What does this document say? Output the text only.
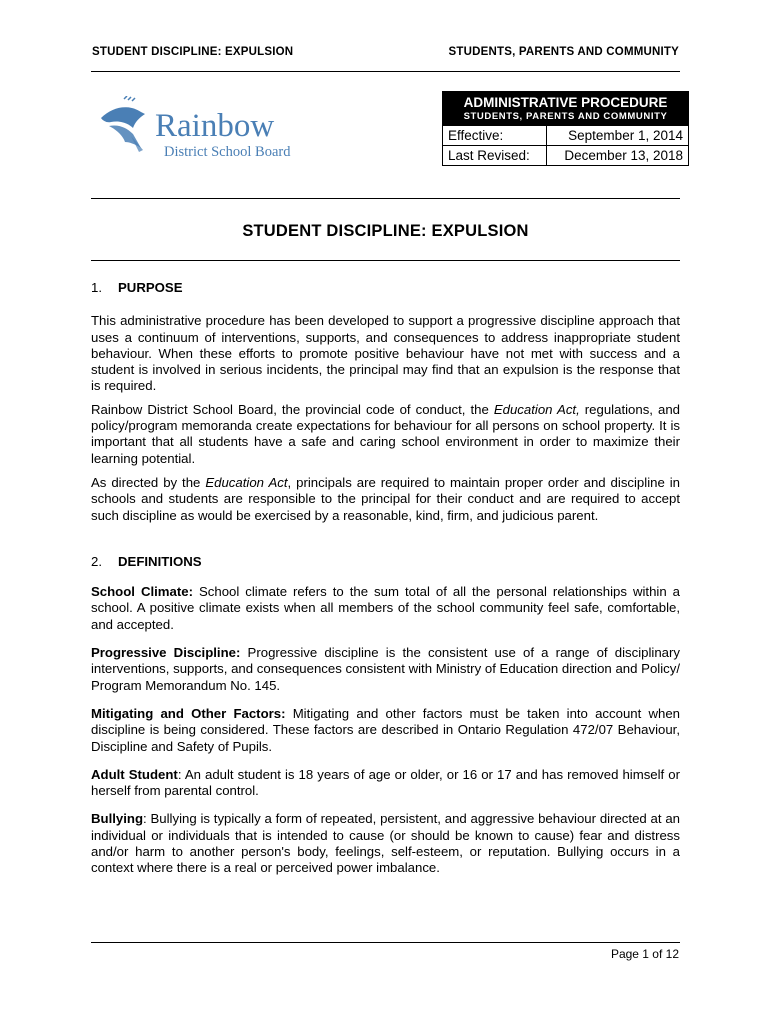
STUDENT DISCIPLINE: EXPULSION	STUDENTS, PARENTS AND COMMUNITY
Rainbow
District School Board
ADMINISTRATIVE PROCEDURE
STUDENTS, PARENTS AND COMMUNITY
Effective:	September 1, 2014
Last Revised:	December 13, 2018
STUDENT DISCIPLINE: EXPULSION

1. PURPOSE

This administrative procedure has been developed to support a progressive discipline approach that uses a continuum of interventions, supports, and consequences to address inappropriate student behaviour. When these efforts to promote positive behaviour have not met with success and a student is involved in serious incidents, the principal may find that an expulsion is the response that is required.

Rainbow District School Board, the provincial code of conduct, the Education Act, regulations, and policy/program memoranda create expectations for behaviour for all persons on school property. It is important that all students have a safe and caring school environment in order to maximize their learning potential.

As directed by the Education Act, principals are required to maintain proper order and discipline in schools and students are responsible to the principal for their conduct and are required to accept such discipline as would be exercised by a reasonable, kind, firm, and judicious parent.

2. DEFINITIONS

School Climate: School climate refers to the sum total of all the personal relationships within a school. A positive climate exists when all members of the school community feel safe, comfortable, and accepted.

Progressive Discipline: Progressive discipline is the consistent use of a range of disciplinary interventions, supports, and consequences consistent with Ministry of Education direction and Policy/ Program Memorandum No. 145.

Mitigating and Other Factors: Mitigating and other factors must be taken into account when discipline is being considered. These factors are described in Ontario Regulation 472/07 Behaviour, Discipline and Safety of Pupils.

Adult Student: An adult student is 18 years of age or older, or 16 or 17 and has removed himself or herself from parental control.

Bullying: Bullying is typically a form of repeated, persistent, and aggressive behaviour directed at an individual or individuals that is intended to cause (or should be known to cause) fear and distress and/or harm to another person's body, feelings, self-esteem, or reputation. Bullying occurs in a context where there is a real or perceived power imbalance.

Page 1 of 12
